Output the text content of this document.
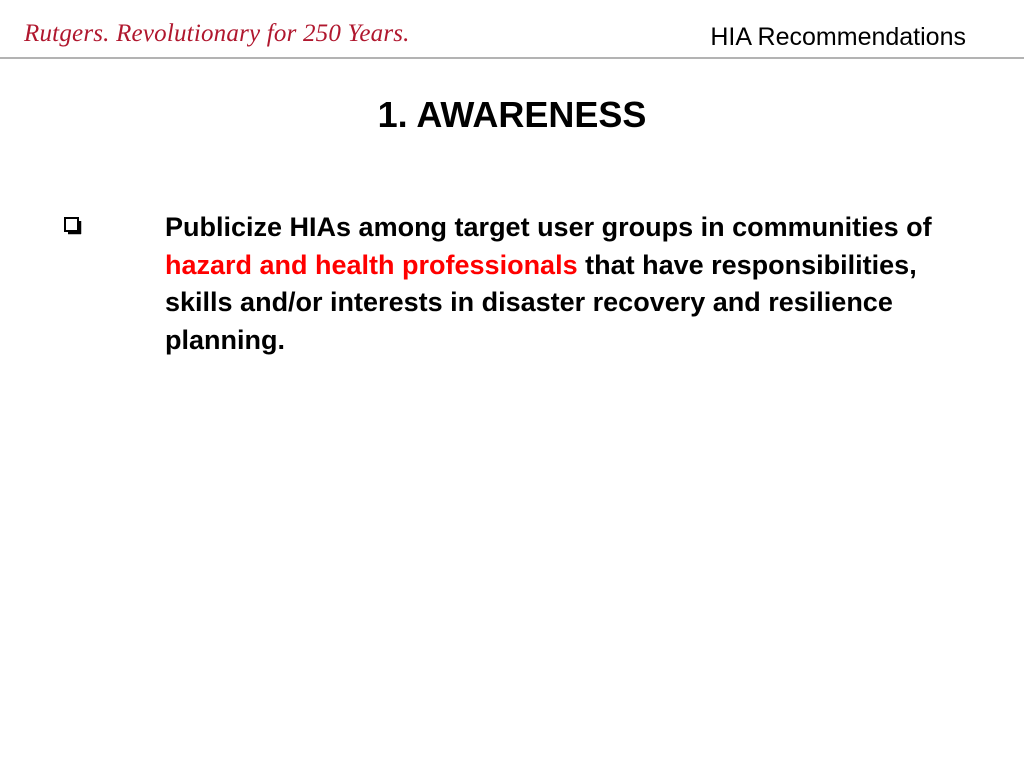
Rutgers. Revolutionary for 250 Years.	HIA Recommendations
1. AWARENESS
Publicize HIAs among target user groups in communities of hazard and health professionals that have responsibilities, skills and/or interests in disaster recovery and resilience planning.
